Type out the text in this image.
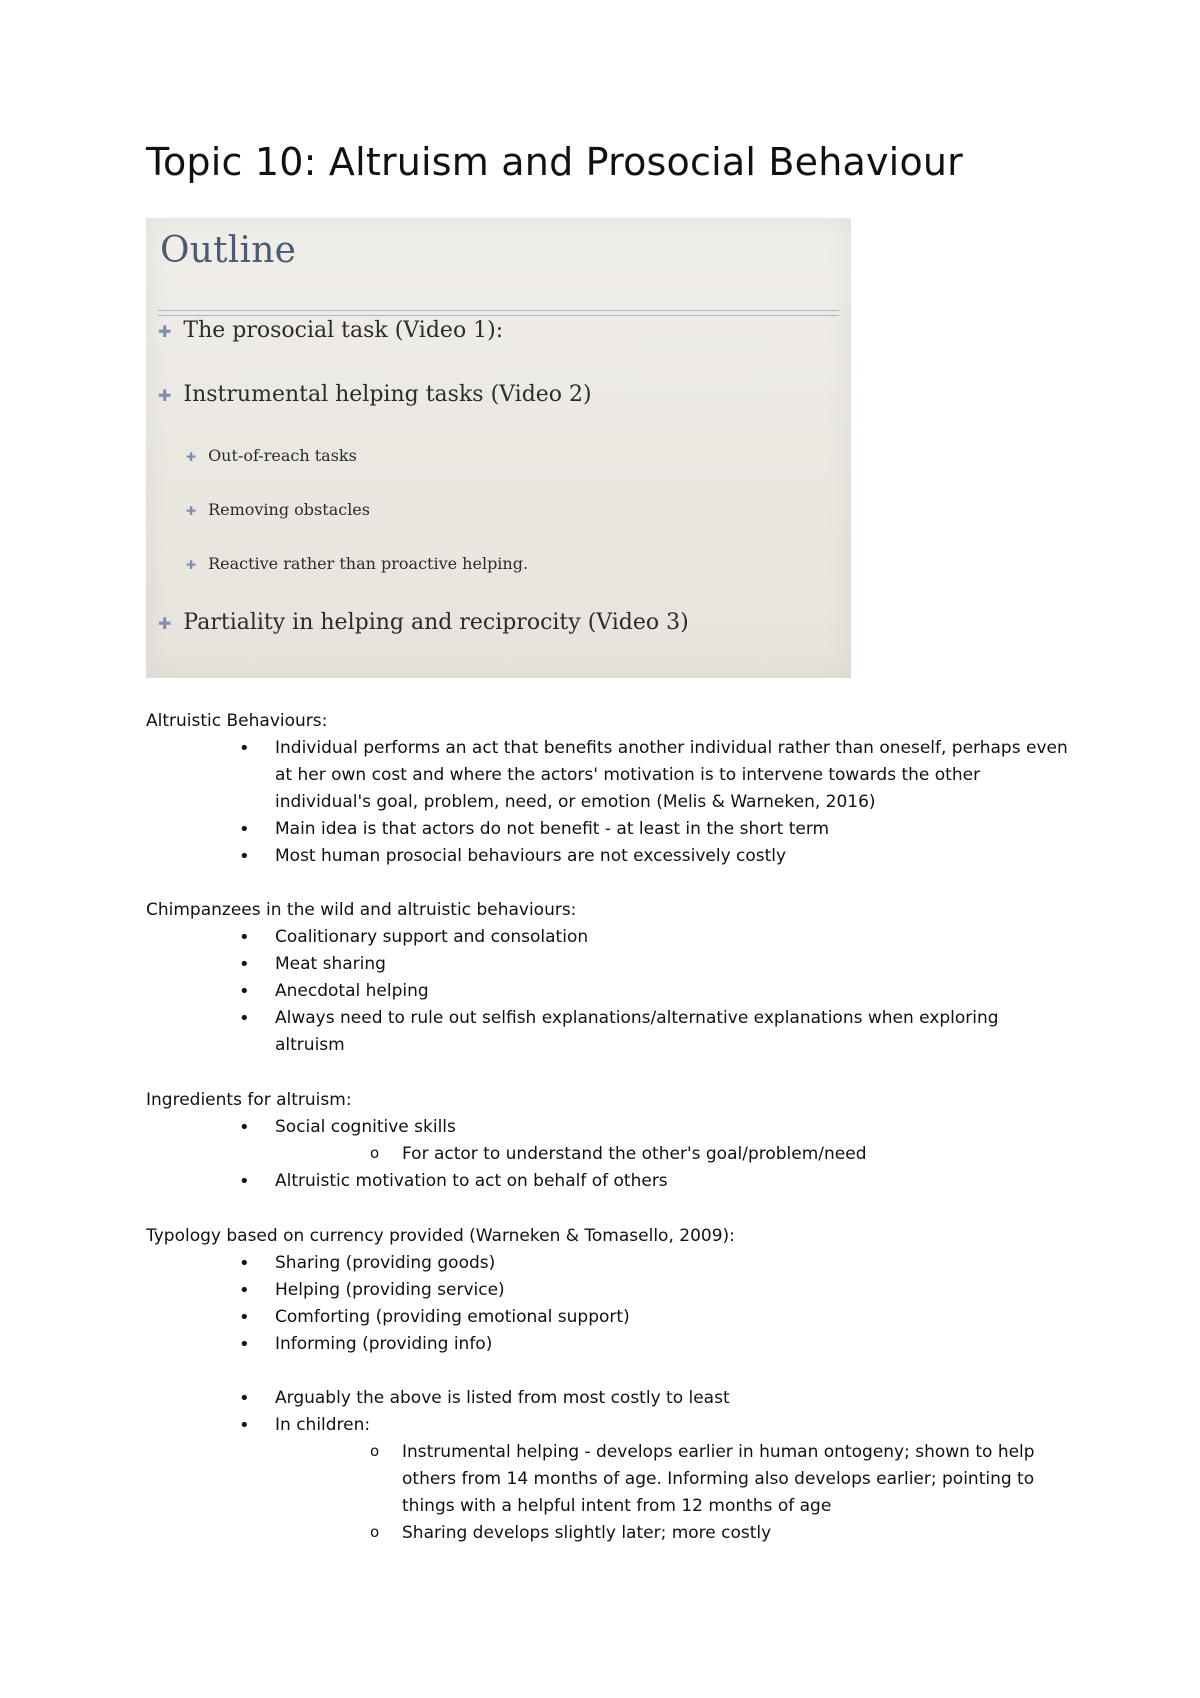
Topic 10: Altruism and Prosocial Behaviour
Outline
✚ The prosocial task (Video 1):
✚ Instrumental helping tasks (Video 2)
✚ Out-of-reach tasks
✚ Removing obstacles
✚ Reactive rather than proactive helping.
✚ Partiality in helping and reciprocity (Video 3)
Altruistic Behaviours:
• Individual performs an act that benefits another individual rather than oneself, perhaps even at her own cost and where the actors' motivation is to intervene towards the other individual's goal, problem, need, or emotion (Melis & Warneken, 2016)
• Main idea is that actors do not benefit - at least in the short term
• Most human prosocial behaviours are not excessively costly
Chimpanzees in the wild and altruistic behaviours:
• Coalitionary support and consolation
• Meat sharing
• Anecdotal helping
• Always need to rule out selfish explanations/alternative explanations when exploring altruism
Ingredients for altruism:
• Social cognitive skills
o For actor to understand the other's goal/problem/need
• Altruistic motivation to act on behalf of others
Typology based on currency provided (Warneken & Tomasello, 2009):
• Sharing (providing goods)
• Helping (providing service)
• Comforting (providing emotional support)
• Informing (providing info)
• Arguably the above is listed from most costly to least
• In children:
o Instrumental helping - develops earlier in human ontogeny; shown to help others from 14 months of age. Informing also develops earlier; pointing to things with a helpful intent from 12 months of age
o Sharing develops slightly later; more costly
